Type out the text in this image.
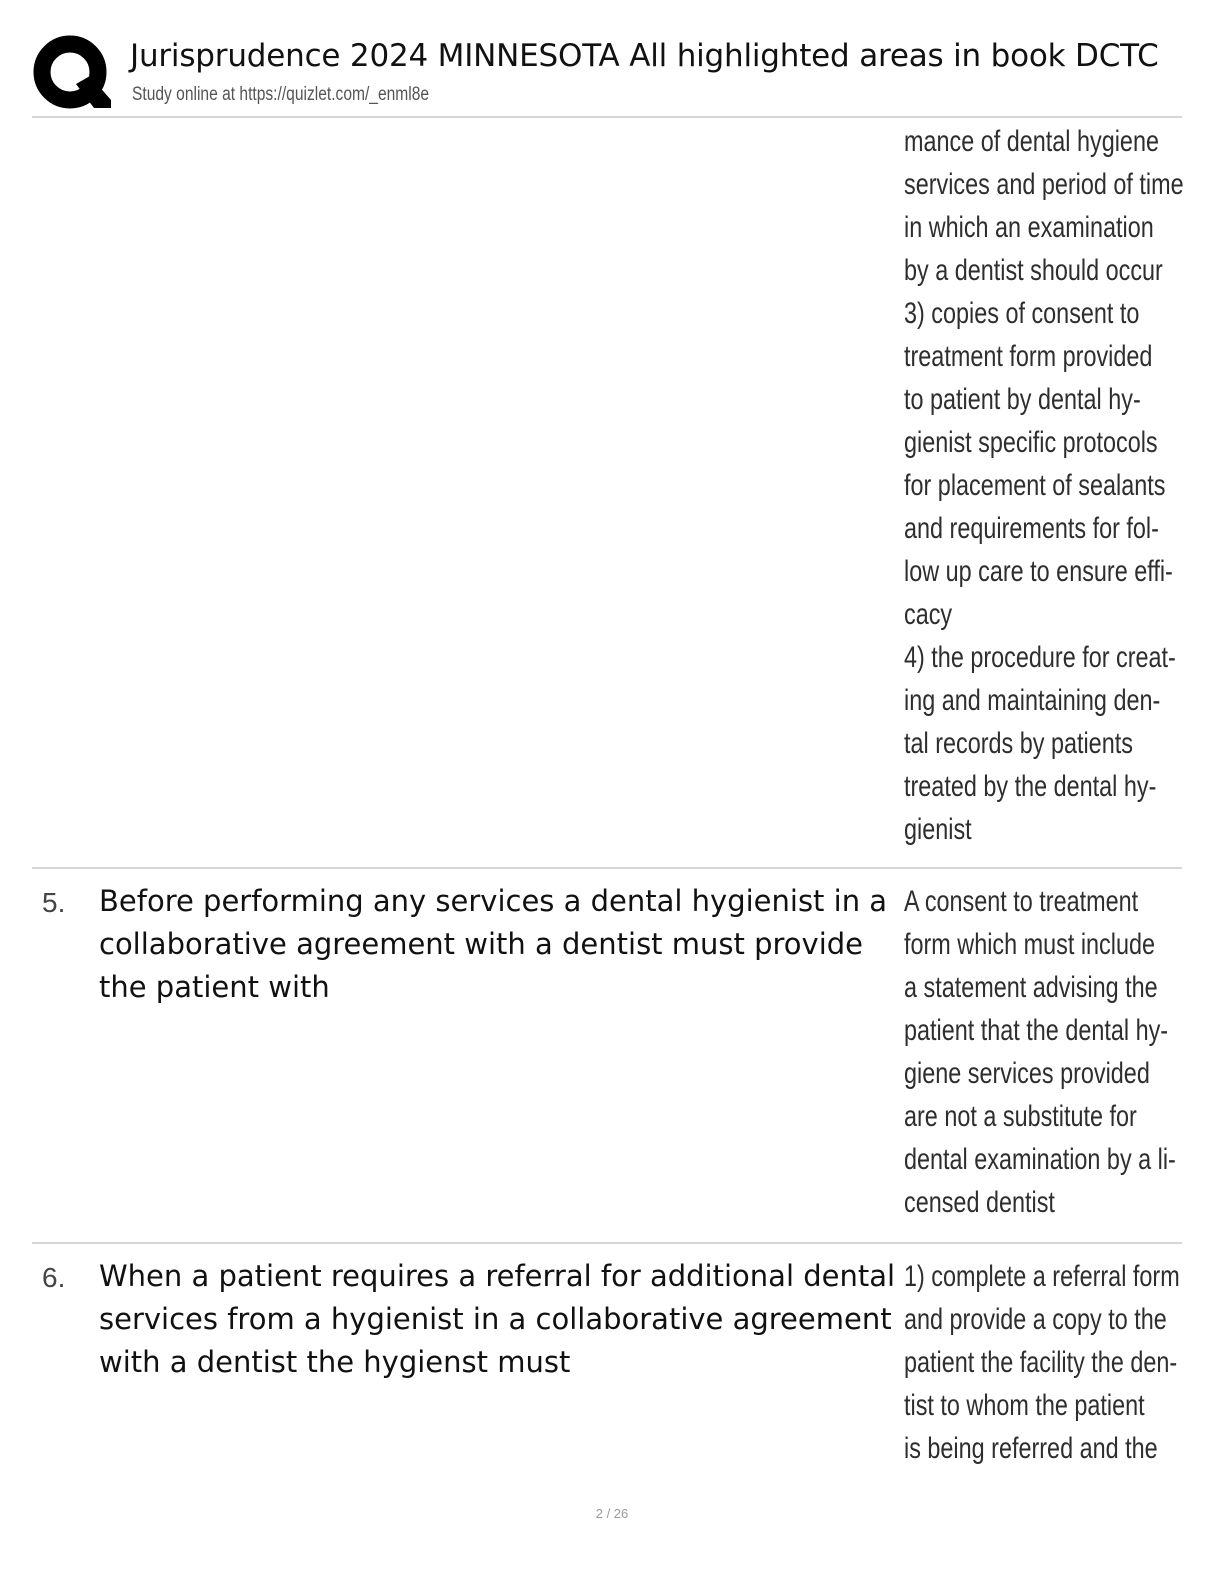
Jurisprudence 2024 MINNESOTA All highlighted areas in book DCTC
Study online at https://quizlet.com/_enml8e
mance of dental hygiene
services and period of time
in which an examination
by a dentist should occur
3) copies of consent to
treatment form provided
to patient by dental hy-
gienist specific protocols
for placement of sealants
and requirements for fol-
low up care to ensure effi-
cacy
4) the procedure for creat-
ing and maintaining den-
tal records by patients
treated by the dental hy-
gienist
5. Before performing any services a dental hygienist in a
collaborative agreement with a dentist must provide
the patient with
A consent to treatment
form which must include
a statement advising the
patient that the dental hy-
giene services provided
are not a substitute for
dental examination by a li-
censed dentist
6. When a patient requires a referral for additional dental
services from a hygienist in a collaborative agreement
with a dentist the hygienst must
1) complete a referral form
and provide a copy to the
patient the facility the den-
tist to whom the patient
is being referred and the
2 / 26
